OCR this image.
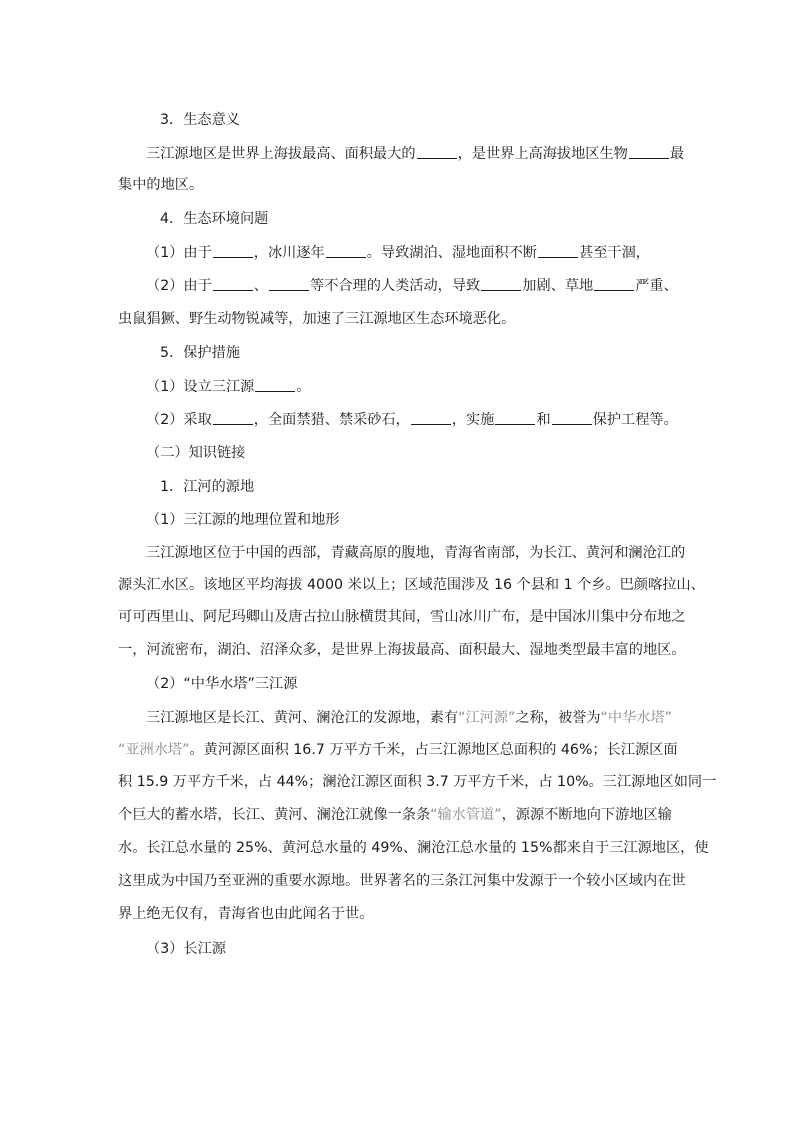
3．生态意义
三江源地区是世界上海拔最高、面积最大的	，是世界上高海拔地区生物	最
集中的地区。
4．生态环境问题
（1）由于	，冰川逐年	。导致湖泊、湿地面积不断	甚至干涸，
（2）由于	、	等不合理的人类活动，导致	加剧、草地	严重、
虫鼠猖獗、野生动物锐减等，加速了三江源地区生态环境恶化。
5．保护措施
（1）设立三江源	。
（2）采取	，全面禁猎、禁采砂石，	，实施	和	保护工程等。
（二）知识链接
1．江河的源地
（1）三江源的地理位置和地形
三江源地区位于中国的西部，青藏高原的腹地，青海省南部，为长江、黄河和澜沧江的
源头汇水区。该地区平均海拔 4000 米以上；区域范围涉及 16 个县和 1 个乡。巴颜喀拉山、
可可西里山、阿尼玛卿山及唐古拉山脉横贯其间，雪山冰川广布，是中国冰川集中分布地之
一，河流密布，湖泊、沼泽众多，是世界上海拔最高、面积最大、湿地类型最丰富的地区。
（2）“中华水塔”三江源
三江源地区是长江、黄河、澜沧江的发源地，素有“江河源”之称，被誉为“中华水塔”
“亚洲水塔”。黄河源区面积 16.7 万平方千米，占三江源地区总面积的 46%；长江源区面
积 15.9 万平方千米，占 44%；澜沧江源区面积 3.7 万平方千米，占 10%。三江源地区如同一
个巨大的蓄水塔，长江、黄河、澜沧江就像一条条“输水管道”，源源不断地向下游地区输
水。长江总水量的 25%、黄河总水量的 49%、澜沧江总水量的 15%都来自于三江源地区，使
这里成为中国乃至亚洲的重要水源地。世界著名的三条江河集中发源于一个较小区域内在世
界上绝无仅有，青海省也由此闻名于世。
（3）长江源
